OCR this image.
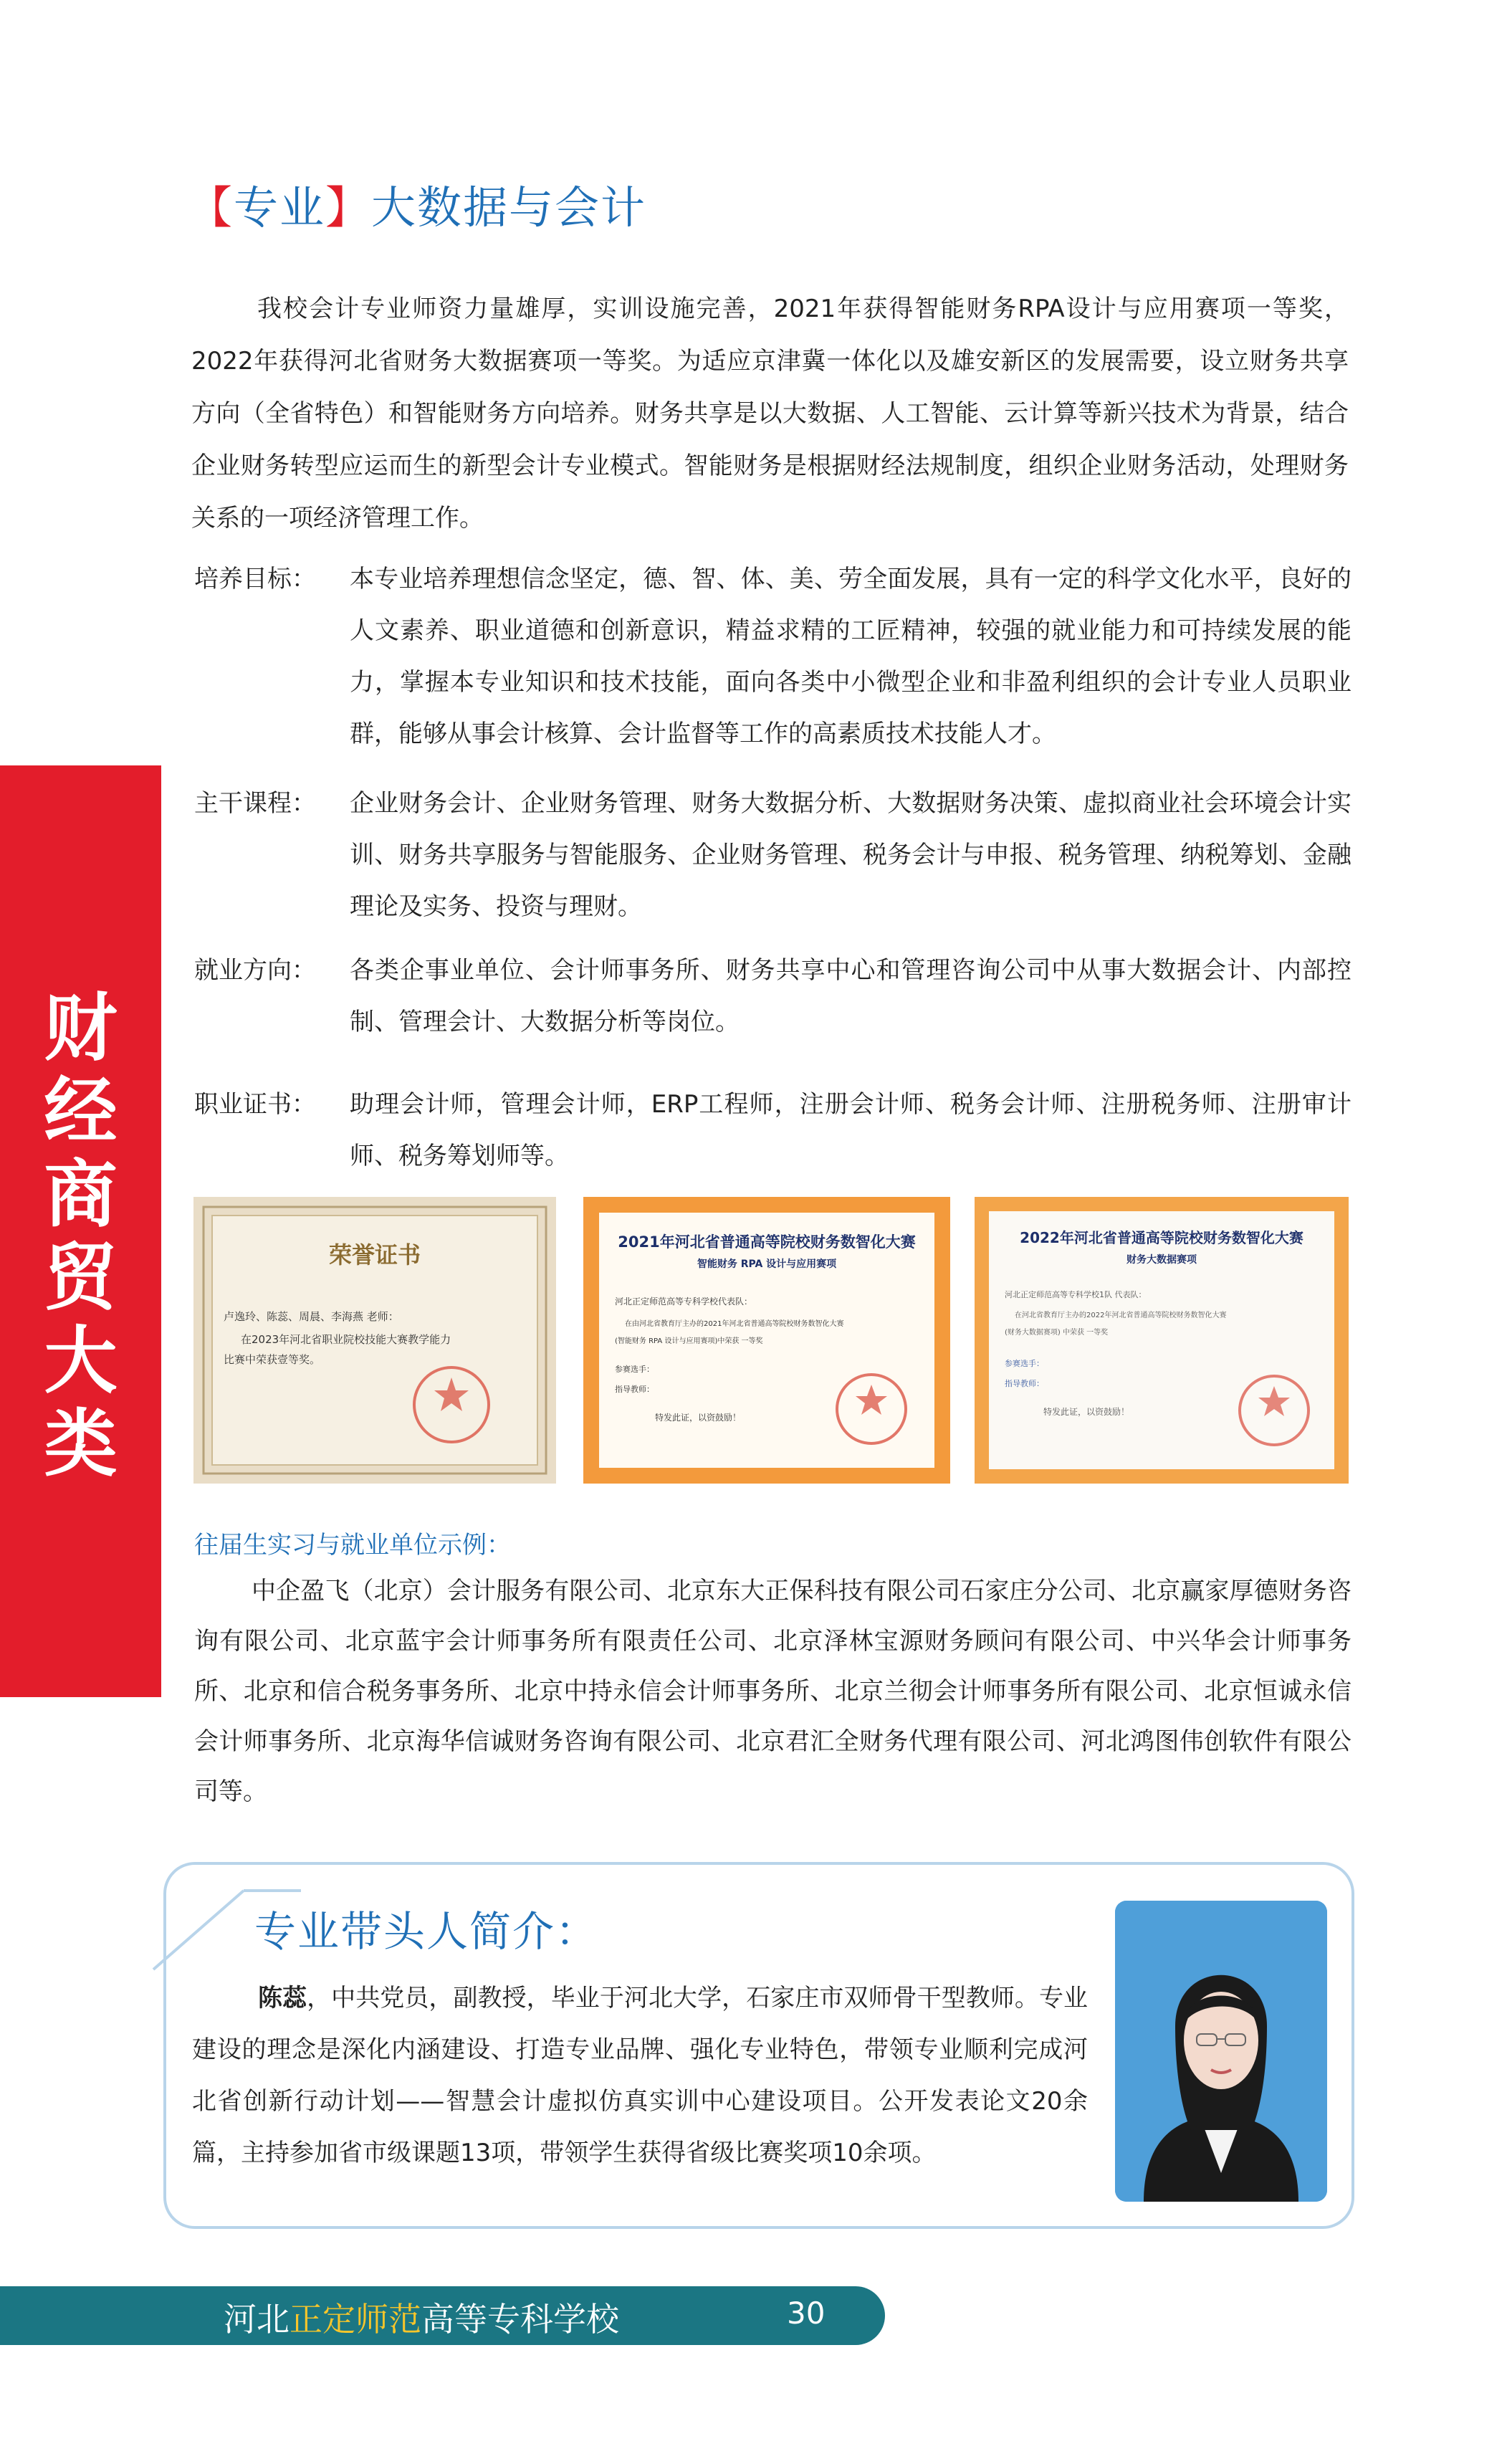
【专业】大数据与会计

我校会计专业师资力量雄厚，实训设施完善，2021年获得智能财务RPA设计与应用赛项一等奖，2022年获得河北省财务大数据赛项一等奖。为适应京津冀一体化以及雄安新区的发展需要，设立财务共享方向（全省特色）和智能财务方向培养。财务共享是以大数据、人工智能、云计算等新兴技术为背景，结合企业财务转型应运而生的新型会计专业模式。智能财务是根据财经法规制度，组织企业财务活动，处理财务关系的一项经济管理工作。

培养目标：	本专业培养理想信念坚定，德、智、体、美、劳全面发展，具有一定的科学文化水平，良好的人文素养、职业道德和创新意识，精益求精的工匠精神，较强的就业能力和可持续发展的能力，掌握本专业知识和技术技能，面向各类中小微型企业和非盈利组织的会计专业人员职业群，能够从事会计核算、会计监督等工作的高素质技术技能人才。
主干课程：	企业财务会计、企业财务管理、财务大数据分析、大数据财务决策、虚拟商业社会环境会计实训、财务共享服务与智能服务、企业财务管理、税务会计与申报、税务管理、纳税筹划、金融理论及实务、投资与理财。
就业方向：	各类企事业单位、会计师事务所、财务共享中心和管理咨询公司中从事大数据会计、内部控制、管理会计、大数据分析等岗位。
职业证书：	助理会计师，管理会计师，ERP工程师，注册会计师、税务会计师、注册税务师、注册审计师、税务筹划师等。
财
经
商
贸
大
类
荣誉证书
卢逸玲、陈蕊、周晨、李海燕 老师：
在2023年河北省职业院校技能大赛教学能力
比赛中荣获壹等奖。
2021年河北省普通高等院校财务数智化大赛
智能财务 RPA 设计与应用赛项
河北正定师范高等专科学校代表队：
在由河北省教育厅主办的2021年河北省普通高等院校财务数智化大赛
(智能财务 RPA 设计与应用赛项)中荣获 一等奖
参赛选手：
指导教师：
特发此证，以资鼓励！
2022年河北省普通高等院校财务数智化大赛
财务大数据赛项
河北正定师范高等专科学校1队 代表队：
在河北省教育厅主办的2022年河北省普通高等院校财务数智化大赛
(财务大数据赛项) 中荣获 一等奖
参赛选手：
指导教师：
特发此证，以资鼓励！
往届生实习与就业单位示例：

中企盈飞（北京）会计服务有限公司、北京东大正保科技有限公司石家庄分公司、北京赢家厚德财务咨询有限公司、北京蓝宇会计师事务所有限责任公司、北京泽林宝源财务顾问有限公司、中兴华会计师事务所、北京和信合税务事务所、北京中持永信会计师事务所、北京兰彻会计师事务所有限公司、北京恒诚永信会计师事务所、北京海华信诚财务咨询有限公司、北京君汇全财务代理有限公司、河北鸿图伟创软件有限公司等。

专业带头人简介：

陈蕊，中共党员，副教授，毕业于河北大学，石家庄市双师骨干型教师。专业建设的理念是深化内涵建设、打造专业品牌、强化专业特色，带领专业顺利完成河北省创新行动计划——智慧会计虚拟仿真实训中心建设项目。公开发表论文20余篇，主持参加省市级课题13项，带领学生获得省级比赛奖项10余项。

河北正定师范高等专科学校	30
